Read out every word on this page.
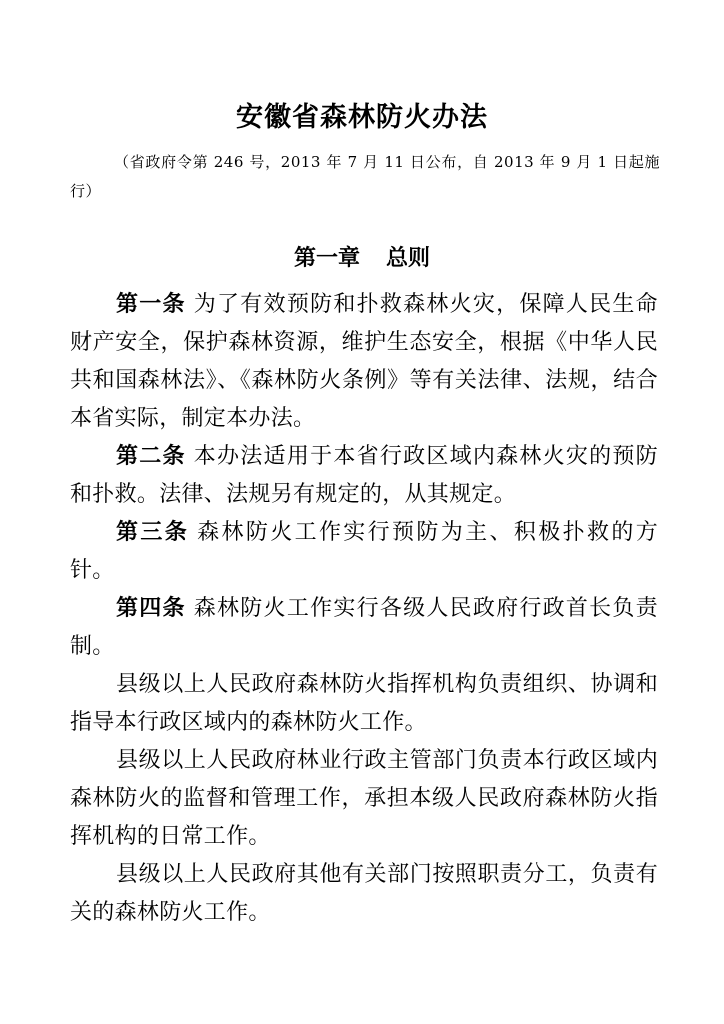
安徽省森林防火办法
（省政府令第 246 号，2013 年 7 月 11 日公布，自 2013 年 9 月 1 日起施行）
第一章 总则

第一条 为了有效预防和扑救森林火灾，保障人民生命财产安全，保护森林资源，维护生态安全，根据《中华人民共和国森林法》、《森林防火条例》等有关法律、法规，结合本省实际，制定本办法。

第二条 本办法适用于本省行政区域内森林火灾的预防和扑救。法律、法规另有规定的，从其规定。

第三条 森林防火工作实行预防为主、积极扑救的方针。

第四条 森林防火工作实行各级人民政府行政首长负责制。

县级以上人民政府森林防火指挥机构负责组织、协调和指导本行政区域内的森林防火工作。

县级以上人民政府林业行政主管部门负责本行政区域内森林防火的监督和管理工作，承担本级人民政府森林防火指挥机构的日常工作。

县级以上人民政府其他有关部门按照职责分工，负责有关的森林防火工作。
